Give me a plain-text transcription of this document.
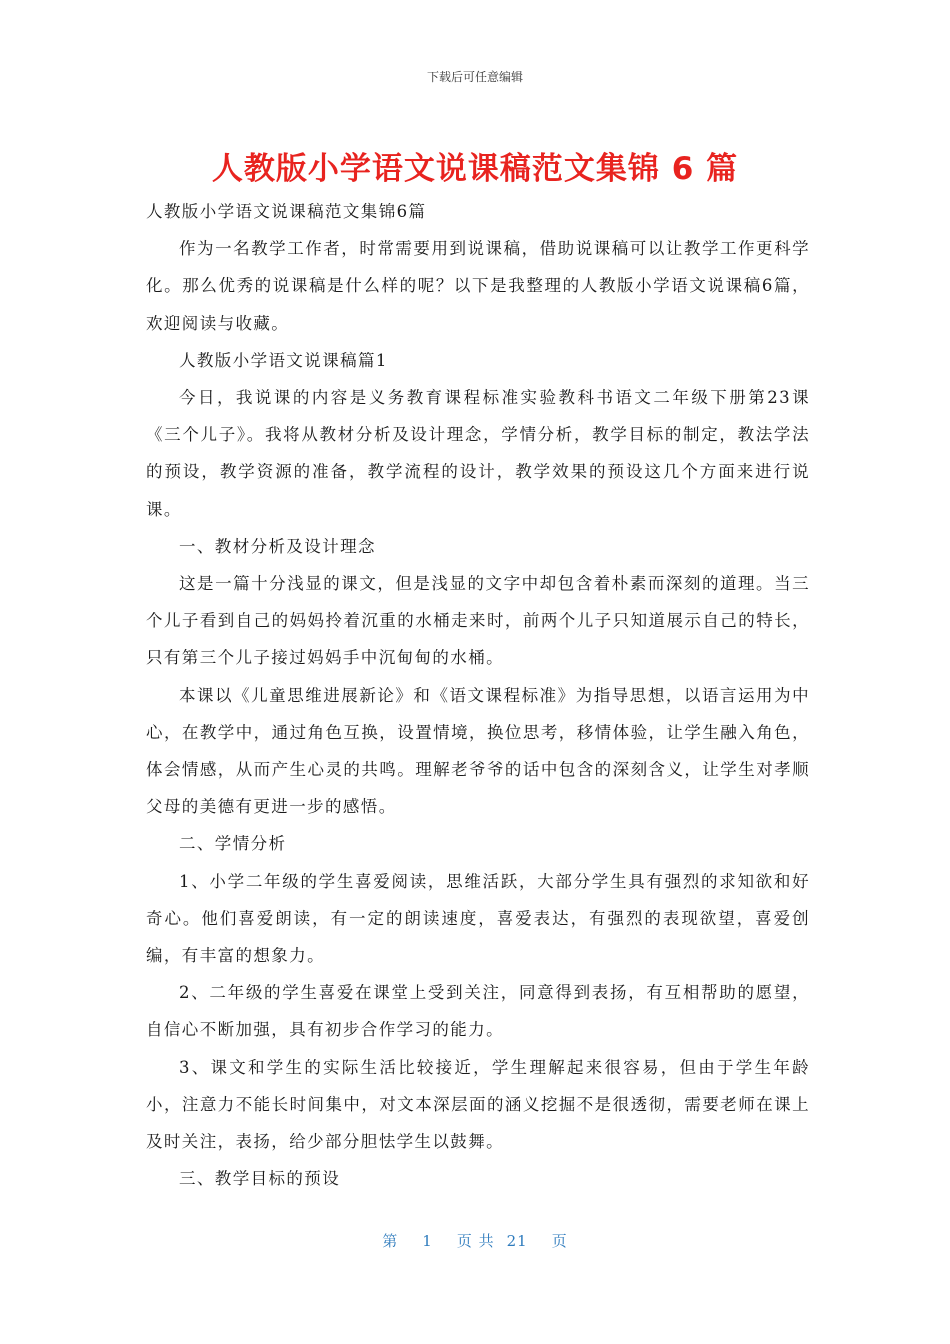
下载后可任意编辑
人教版小学语文说课稿范文集锦 6 篇

人教版小学语文说课稿范文集锦6篇

作为一名教学工作者，时常需要用到说课稿，借助说课稿可以让教学工作更科学化。那么优秀的说课稿是什么样的呢？以下是我整理的人教版小学语文说课稿6篇，欢迎阅读与收藏。

人教版小学语文说课稿篇1

今日，我说课的内容是义务教育课程标准实验教科书语文二年级下册第23课《三个儿子》。我将从教材分析及设计理念，学情分析，教学目标的制定，教法学法的预设，教学资源的准备，教学流程的设计，教学效果的预设这几个方面来进行说课。

一、教材分析及设计理念

这是一篇十分浅显的课文，但是浅显的文字中却包含着朴素而深刻的道理。当三个儿子看到自己的妈妈拎着沉重的水桶走来时，前两个儿子只知道展示自己的特长，只有第三个儿子接过妈妈手中沉甸甸的水桶。

本课以《儿童思维进展新论》和《语文课程标准》为指导思想，以语言运用为中心，在教学中，通过角色互换，设置情境，换位思考，移情体验，让学生融入角色，体会情感，从而产生心灵的共鸣。理解老爷爷的话中包含的深刻含义，让学生对孝顺父母的美德有更进一步的感悟。

二、学情分析

1、小学二年级的学生喜爱阅读，思维活跃，大部分学生具有强烈的求知欲和好奇心。他们喜爱朗读，有一定的朗读速度，喜爱表达，有强烈的表现欲望，喜爱创编，有丰富的想象力。

2、二年级的学生喜爱在课堂上受到关注，同意得到表扬，有互相帮助的愿望，自信心不断加强，具有初步合作学习的能力。

3、课文和学生的实际生活比较接近，学生理解起来很容易，但由于学生年龄小，注意力不能长时间集中，对文本深层面的涵义挖掘不是很透彻，需要老师在课上及时关注，表扬，给少部分胆怯学生以鼓舞。

三、教学目标的预设

第 1 页 共 21 页
